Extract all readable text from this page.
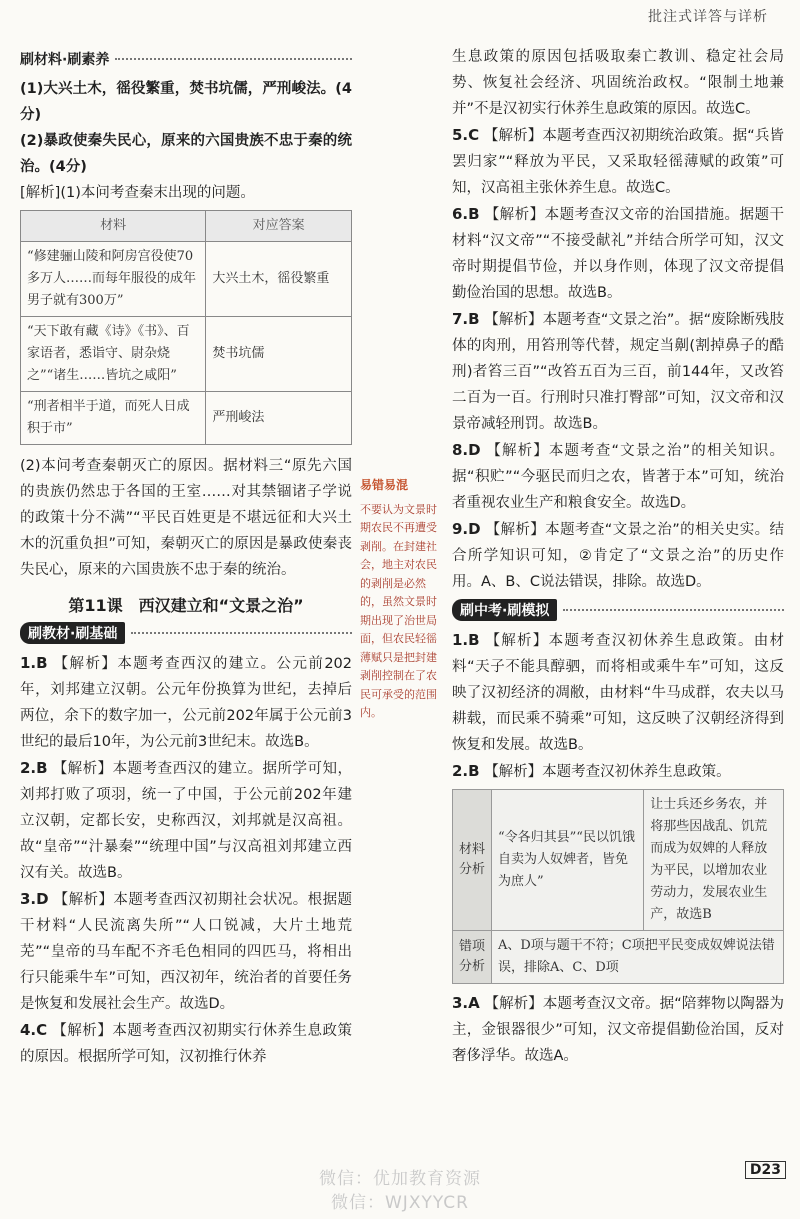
批注式详答与详析
刷材料·刷素养

(1)大兴土木，徭役繁重，焚书坑儒，严刑峻法。(4分)

(2)暴政使秦失民心，原来的六国贵族不忠于秦的统治。(4分)

[解析](1)本问考查秦末出现的问题。

材料	对应答案
“修建骊山陵和阿房宫役使70多万人……而每年服役的成年男子就有300万”	大兴土木，徭役繁重
“天下敢有藏《诗》《书》、百家语者，悉诣守、尉杂烧之”“诸生……皆坑之咸阳”	焚书坑儒
“刑者相半于道，而死人日成积于市”	严刑峻法

(2)本问考查秦朝灭亡的原因。据材料三“原先六国的贵族仍然忠于各国的王室……对其禁锢诸子学说的政策十分不满”“平民百姓更是不堪远征和大兴土木的沉重负担”可知，秦朝灭亡的原因是暴政使秦丧失民心，原来的六国贵族不忠于秦的统治。

第11课　西汉建立和“文景之治”
刷教材·刷基础

1.B 【解析】本题考查西汉的建立。公元前202年，刘邦建立汉朝。公元年份换算为世纪，去掉后两位，余下的数字加一，公元前202年属于公元前3世纪的最后10年，为公元前3世纪末。故选B。

2.B 【解析】本题考查西汉的建立。据所学可知，刘邦打败了项羽，统一了中国，于公元前202年建立汉朝，定都长安，史称西汉，刘邦就是汉高祖。故“皇帝”“汁暴秦”“统理中国”与汉高祖刘邦建立西汉有关。故选B。

3.D 【解析】本题考查西汉初期社会状况。根据题干材料“人民流离失所”“人口锐减，大片土地荒芜”“皇帝的马车配不齐毛色相同的四匹马，将相出行只能乘牛车”可知，西汉初年，统治者的首要任务是恢复和发展社会生产。故选D。

4.C 【解析】本题考查西汉初期实行休养生息政策的原因。根据所学可知，汉初推行休养

易错易混
不要认为文景时期农民不再遭受剥削。在封建社会，地主对农民的剥削是必然的，虽然文景时期出现了治世局面，但农民轻徭薄赋只是把封建剥削控制在了农民可承受的范围内。

生息政策的原因包括吸取秦亡教训、稳定社会局势、恢复社会经济、巩固统治政权。“限制土地兼并”不是汉初实行休养生息政策的原因。故选C。

5.C 【解析】本题考查西汉初期统治政策。据“兵皆罢归家”“释放为平民，又采取轻徭薄赋的政策”可知，汉高祖主张休养生息。故选C。

6.B 【解析】本题考查汉文帝的治国措施。据题干材料“汉文帝”“不接受献礼”并结合所学可知，汉文帝时期提倡节俭，并以身作则，体现了汉文帝提倡勤俭治国的思想。故选B。

7.B 【解析】本题考查“文景之治”。据“废除断残肢体的肉刑，用笞刑等代替，规定当劓(割掉鼻子的酷刑)者笞三百”“改笞五百为三百，前144年，又改笞二百为一百。行刑时只准打臀部”可知，汉文帝和汉景帝减轻刑罚。故选B。

8.D 【解析】本题考查“文景之治”的相关知识。据“积贮”“今驱民而归之农，皆著于本”可知，统治者重视农业生产和粮食安全。故选D。

9.D 【解析】本题考查“文景之治”的相关史实。结合所学知识可知，②肯定了“文景之治”的历史作用。A、B、C说法错误，排除。故选D。

刷中考·刷模拟

1.B 【解析】本题考查汉初休养生息政策。由材料“天子不能具醇驷，而将相或乘牛车”可知，这反映了汉初经济的凋敝，由材料“牛马成群，农夫以马耕载，而民乘不骑乘”可知，这反映了汉朝经济得到恢复和发展。故选B。

2.B 【解析】本题考查汉初休养生息政策。

材料分析	“令各归其县”“民以饥饿自卖为人奴婢者，皆免为庶人”	让士兵还乡务农，并将那些因战乱、饥荒而成为奴婢的人释放为平民，以增加农业劳动力，发展农业生产，故选B
错项分析	A、D项与题干不符；C项把平民变成奴婢说法错误，排除A、C、D项	

3.A 【解析】本题考查汉文帝。据“陪葬物以陶器为主，金银器很少”可知，汉文帝提倡勤俭治国，反对奢侈浮华。故选A。

D23
微信：优加教育资源
微信：WJXYYCR
